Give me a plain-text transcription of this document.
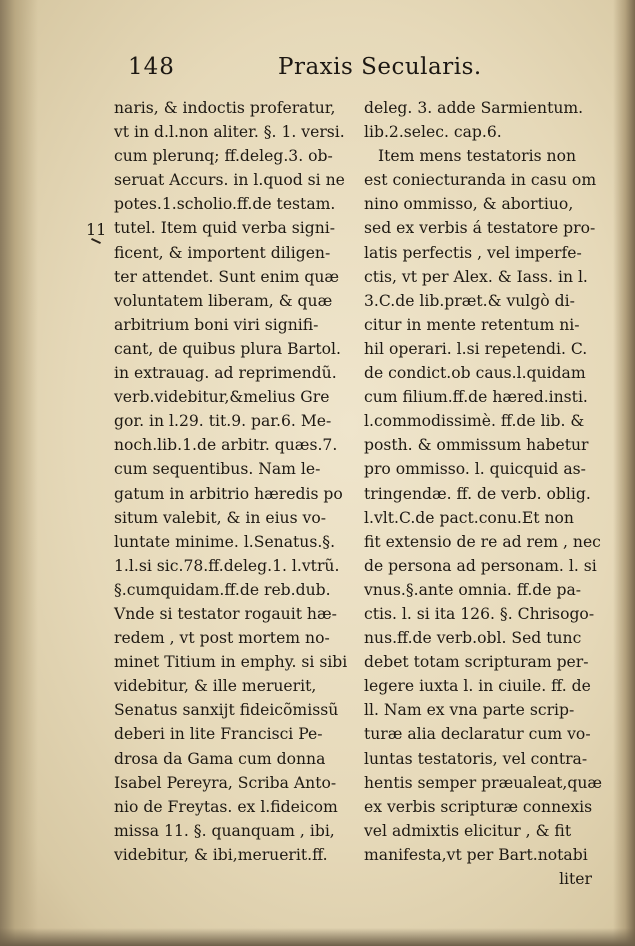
148	Praxis Secularis.
11
naris, & indoctis proferatur,
vt in d.l.non aliter. §. 1. versi.
cum plerunq; ff.deleg.3. ob-
seruat Accurs. in l.quod si ne
potes.1.scholio.ff.de testam.
tutel. Item quid verba signi-
ficent, & importent diligen-
ter attendet. Sunt enim quæ
voluntatem liberam, & quæ
arbitrium boni viri signifi-
cant, de quibus plura Bartol.
in extrauag. ad reprimendũ.
verb.videbitur,&melius Gre
gor. in l.29. tit.9. par.6. Me-
noch.lib.1.de arbitr. quæs.7.
cum sequentibus. Nam le-
gatum in arbitrio hæredis po
situm valebit, & in eius vo-
luntate minime. l.Senatus.§.
1.l.si sic.78.ff.deleg.1. l.vtrũ.
§.cumquidam.ff.de reb.dub.
Vnde si testator rogauit hæ-
redem , vt post mortem no-
minet Titium in emphy. si sibi
videbitur, & ille meruerit,
Senatus sanxijt fideicõmissũ
deberi in lite Francisci Pe-
drosa da Gama cum donna
Isabel Pereyra, Scriba Anto-
nio de Freytas. ex l.fideicom
missa 11. §. quanquam , ibi,
videbitur, & ibi,meruerit.ff.
deleg. 3. adde Sarmientum.
lib.2.selec. cap.6.
Item mens testatoris non
est coniecturanda in casu om
nino ommisso, & abortiuo,
sed ex verbis á testatore pro-
latis perfectis , vel imperfe-
ctis, vt per Alex. & Iass. in l.
3.C.de lib.præt.& vulgò di-
citur in mente retentum ni-
hil operari. l.si repetendi. C.
de condict.ob caus.l.quidam
cum filium.ff.de hæred.insti.
l.commodissimè. ff.de lib. &
posth. & ommissum habetur
pro ommisso. l. quicquid as-
tringendæ. ff. de verb. oblig.
l.vlt.C.de pact.conu.Et non
fit extensio de re ad rem , nec
de persona ad personam. l. si
vnus.§.ante omnia. ff.de pa-
ctis. l. si ita 126. §. Chrisogo-
nus.ff.de verb.obl. Sed tunc
debet totam scripturam per-
legere iuxta l. in ciuile. ff. de
ll. Nam ex vna parte scrip-
turæ alia declaratur cum vo-
luntas testatoris, vel contra-
hentis semper præualeat,quæ
ex verbis scripturæ connexis
vel admixtis elicitur , & fit
manifesta,vt per Bart.notabi
liter
